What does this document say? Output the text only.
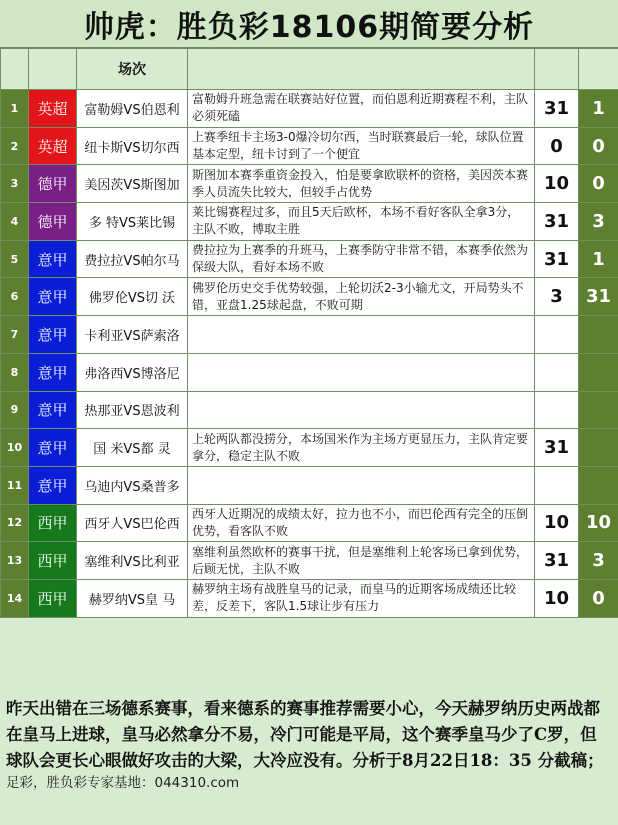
帅虎：胜负彩18106期简要分析
		场次			
1	英超	富勒姆VS伯恩利	富勒姆升班急需在联赛站好位置，而伯恩利近期赛程不利，主队必须死磕	31	1
2	英超	纽卡斯VS切尔西	上赛季纽卡主场3-0爆冷切尔西，当时联赛最后一轮，球队位置基本定型，纽卡讨到了一个便宜	0	0
3	德甲	美因茨VS斯图加	斯图加本赛季重资金投入，怕是要拿欧联杯的资格，美因茨本赛季人员流失比较大，但较手占优势	10	0
4	德甲	多 特VS莱比锡	莱比锡赛程过多，而且5天后欧杯，本场不看好客队全拿3分，主队不败，博取主胜	31	3
5	意甲	费拉拉VS帕尔马	费拉拉为上赛季的升班马，上赛季防守非常不错，本赛季依然为保级大队，看好本场不败	31	1
6	意甲	佛罗伦VS切 沃	佛罗伦历史交手优势较强，上轮切沃2-3小输尤文，开局势头不错，亚盘1.25球起盘，不败可期	3	31
7	意甲	卡利亚VS萨索洛			
8	意甲	弗洛西VS博洛尼			
9	意甲	热那亚VS恩波利			
10	意甲	国 米VS都 灵	上轮两队都没捞分，本场国米作为主场方更显压力，主队肯定要拿分，稳定主队不败	31	
11	意甲	乌迪内VS桑普多			
12	西甲	西牙人VS巴伦西	西牙人近期况的成绩太好，拉力也不小，而巴伦西有完全的压倒优势，看客队不败	10	10
13	西甲	塞维利VS比利亚	塞维利虽然欧杯的赛事干扰，但是塞维利上轮客场已拿到优势，后顾无忧，主队不败	31	3
14	西甲	赫罗纳VS皇 马	赫罗纳主场有战胜皇马的记录，而皇马的近期客场成绩还比较差，反差下，客队1.5球让步有压力	10	0
昨天出错在三场德系赛事，看来德系的赛事推荐需要小心，今天赫罗纳历史两战都在皇马上进球，皇马必然拿分不易，冷门可能是平局，这个赛季皇马少了C罗，但球队会更长心眼做好攻击的大梁，大冷应没有。分析于8月22日18：35 分截稿；
足彩，胜负彩专家基地：044310.com
